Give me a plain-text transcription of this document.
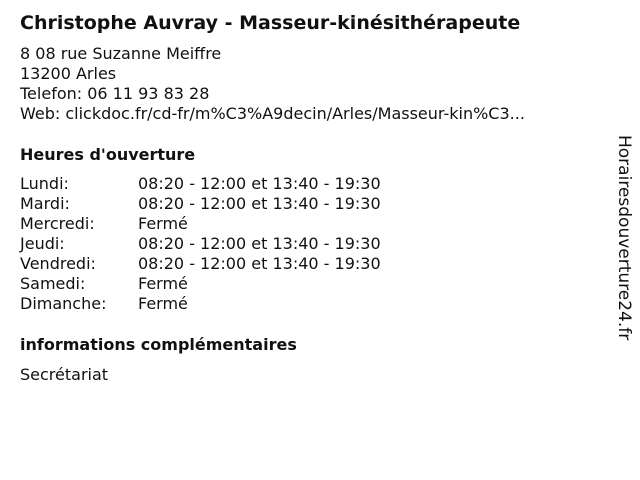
Christophe Auvray - Masseur-kinésithérapeute
8 08 rue Suzanne Meiffre
13200 Arles
Telefon: 06 11 93 83 28
Web: clickdoc.fr/cd-fr/m%C3%A9decin/Arles/Masseur-kin%C3...
Heures d'ouverture
Lundi:	08:20 - 12:00 et 13:40 - 19:30
Mardi:	08:20 - 12:00 et 13:40 - 19:30
Mercredi:	Fermé
Jeudi:	08:20 - 12:00 et 13:40 - 19:30
Vendredi:	08:20 - 12:00 et 13:40 - 19:30
Samedi:	Fermé
Dimanche: Fermé
informations complémentaires
Secrétariat
Horairesdouverture24.fr
